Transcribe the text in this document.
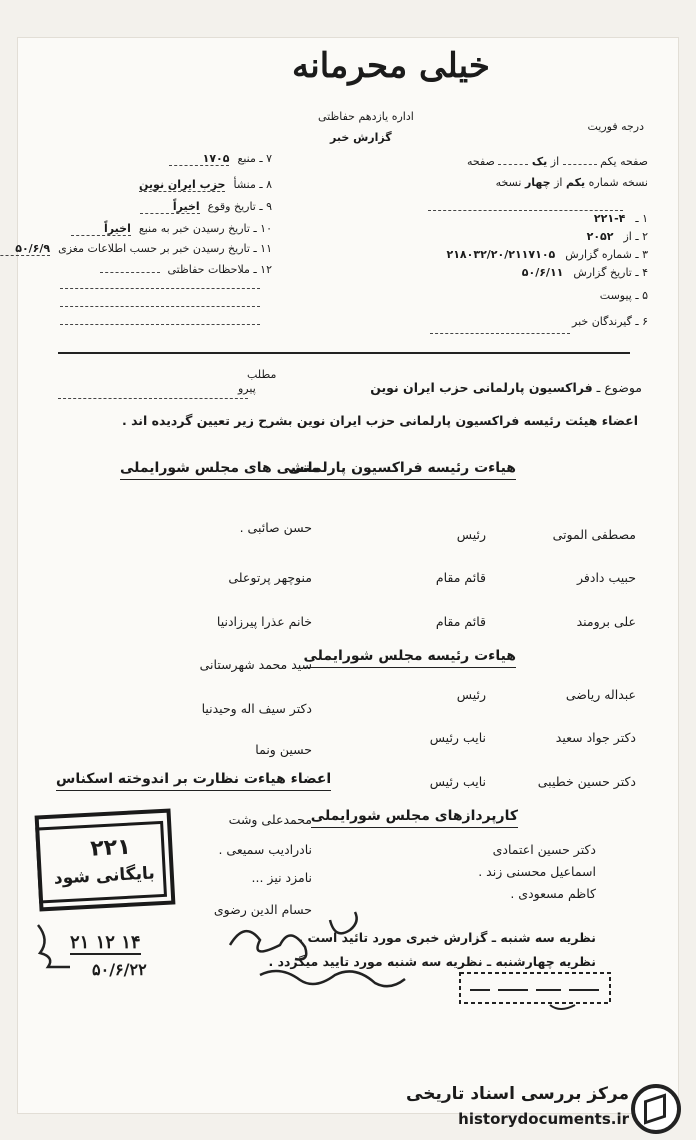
خیلی محرمانه
اداره یازدهم حفاظتی
گزارش خبر
درجه فوریت
صفحه یکم  از یک  صفحه
نسخه شماره یکم از چهار نسخه
۱ ـ۲۲۱-۴
۲ ـ از۲۰۵۲
۳ ـ شماره گزارش۲۱۸۰۳۲/۲۰/۲۱۱۷۱۰۵
۴ ـ تاریخ گزارش۵۰/۶/۱۱
۵ ـ پیوست
۶ ـ گیرندگان خبر
۷ ـ منبع۱۷۰۵
۸ ـ منشأحزب ایران نوین
۹ ـ تاریخ وقوعاخیراً
۱۰ ـ تاریخ رسیدن خبر به منبعاخیراً
۱۱ ـ تاریخ رسیدن خبر بر حسب اطلاعات مغزی۵۰/۶/۹
۱۲ ـ ملاحظات حفاظتی
مطلب
پیرو	موضوع ـ فراکسیون پارلمانی حزب ایران نوین
اعضاء هیئت رئیسه فراکسیون پارلمانی حزب ایران نوین بشرح زیر تعیین گردیده اند .
هیاءت رئیسه فراکسیون پارلمانی
منشی های مجلس شورایملی
مصطفی الموتیرئیس
حبیب دادفرقائم مقام
علی برومندقائم مقام
عبداله ریاضیرئیس
دکتر جواد سعیدنایب رئیس
دکتر حسین خطیبینایب رئیس
حسن صائبی .
منوچهر پرتوعلی
خانم عذرا پیرزادنیا
سید محمد شهرستانی
دکتر سیف اله وحیدنیا
حسین ونما
محمدعلی وشت
نادرادیب سمیعی .
نامزد نیز ...
حسام الدین رضوی
هیاءت رئیسه مجلس شورایملی
اعضاء هیاءت نظارت بر اندوخته اسکناس
کارپردازهای مجلس شورایملی
دکتر حسین اعتمادی
اسماعیل محسنی زند .
کاظم مسعودی .
نظریه سه شنبه ـ گزارش خبری مورد تائید است .
نظریه چهارشنبه ـ نظریه سه شنبه مورد تایید میگردد .
۲۲۱
بایگانی شود
۲۱ ۱۲ ۱۴
۵۰/۶/۲۲
مرکز بررسی اسناد تاریخی
historydocuments.ir
